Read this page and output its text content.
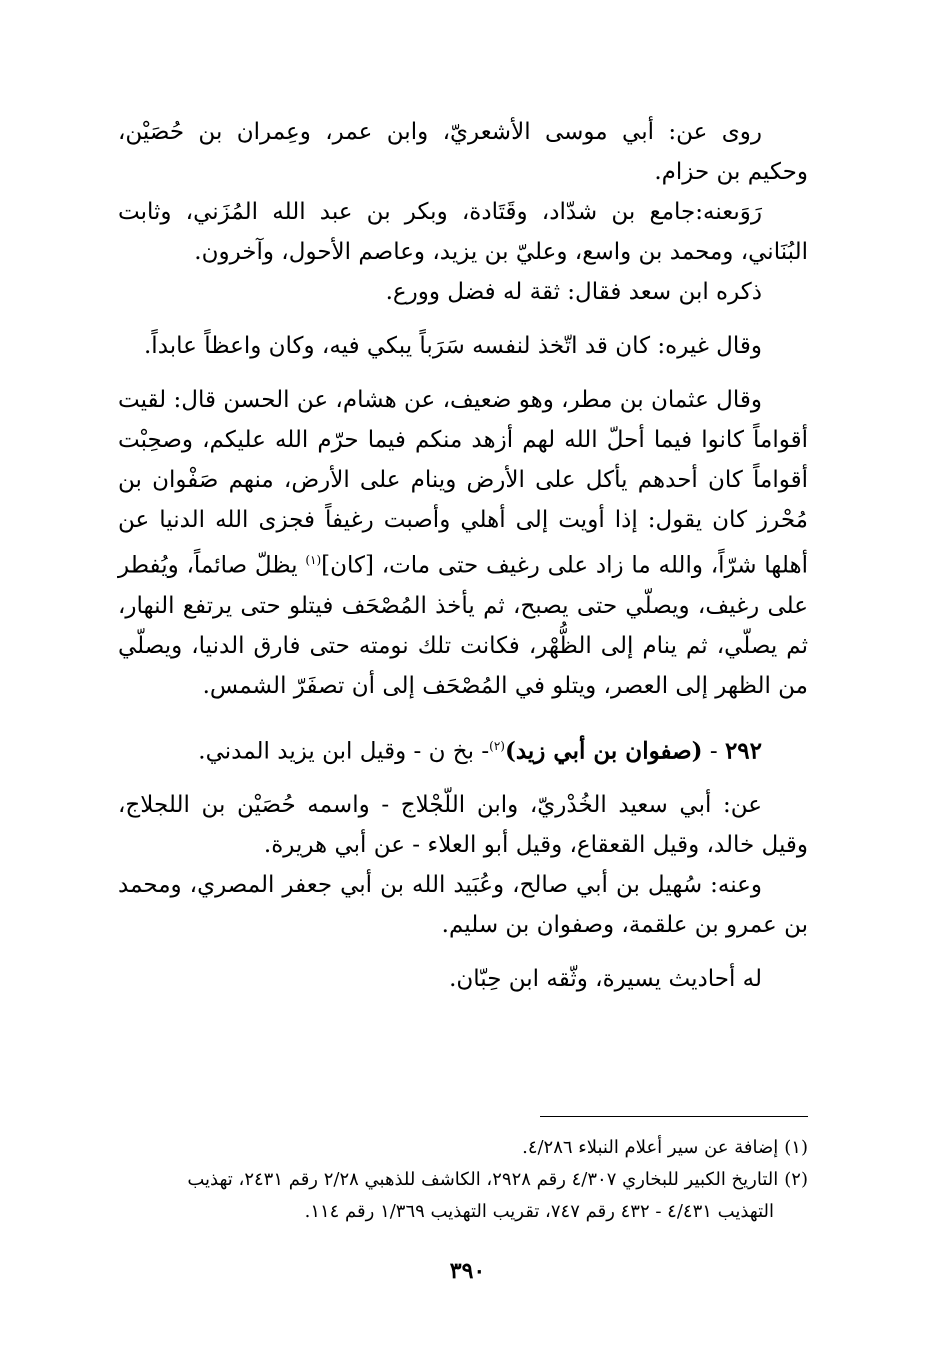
روى عن: أبي موسى الأشعريّ، وابن عمر، وعِمران بن حُصَيْن، وحكيم بن حزام.

رَوَىعنه:جامع بن شدّاد، وقَتَادة، وبكر بن عبد الله المُزَني، وثابت البُنَاني، ومحمد بن واسع، وعليّ بن يزيد، وعاصم الأحول، وآخرون.

ذكره ابن سعد فقال: ثقة له فضل وورع.

وقال غيره: كان قد اتّخذ لنفسه سَرَباً يبكي فيه، وكان واعظاً عابداً.

وقال عثمان بن مطر، وهو ضعيف، عن هشام، عن الحسن قال: لقيت أقواماً كانوا فيما أحلّ الله لهم أزهد منكم فيما حرّم الله عليكم، وصحِبْت أقواماً كان أحدهم يأكل على الأرض وينام على الأرض، منهم صَفْوان بن مُحْرز كان يقول: إذا أويت إلى أهلي وأصبت رغيفاً فجزى الله الدنيا عن أهلها شرّاً، والله ما زاد على رغيف حتى مات، [كان]$^{(١)}$ يظلّ صائماً، ويُفطر على رغيف، ويصلّي حتى يصبح، ثم يأخذ المُصْحَف فيتلو حتى يرتفع النهار، ثم يصلّي، ثم ينام إلى الظُّهْر، فكانت تلك نومته حتى فارق الدنيا، ويصلّي من الظهر إلى العصر، ويتلو في المُصْحَف إلى أن تصفَرّ الشمس.

٢٩٢ - (صفوان بن أبي زيد)$^{(٢)}$- بخ ن - وقيل ابن يزيد المدني.

عن: أبي سعيد الخُدْريّ، وابن اللّجْلاج - واسمه حُصَيْن بن اللجلاج، وقيل خالد، وقيل القعقاع، وقيل أبو العلاء - عن أبي هريرة.

وعنه: سُهيل بن أبي صالح، وعُبَيد الله بن أبي جعفر المصري، ومحمد بن عمرو بن علقمة، وصفوان بن سليم.

له أحاديث يسيرة، وثّقه ابن حِبّان.

(١)إضافة عن سير أعلام النبلاء ٤/٢٨٦.

(٢)التاريخ الكبير للبخاري ٤/٣٠٧ رقم ٢٩٢٨، الكاشف للذهبي ٢/٢٨ رقم ٢٤٣١، تهذيب
التهذيب ٤/٤٣١ - ٤٣٢ رقم ٧٤٧، تقريب التهذيب ١/٣٦٩ رقم ١١٤.

٣٩٠
